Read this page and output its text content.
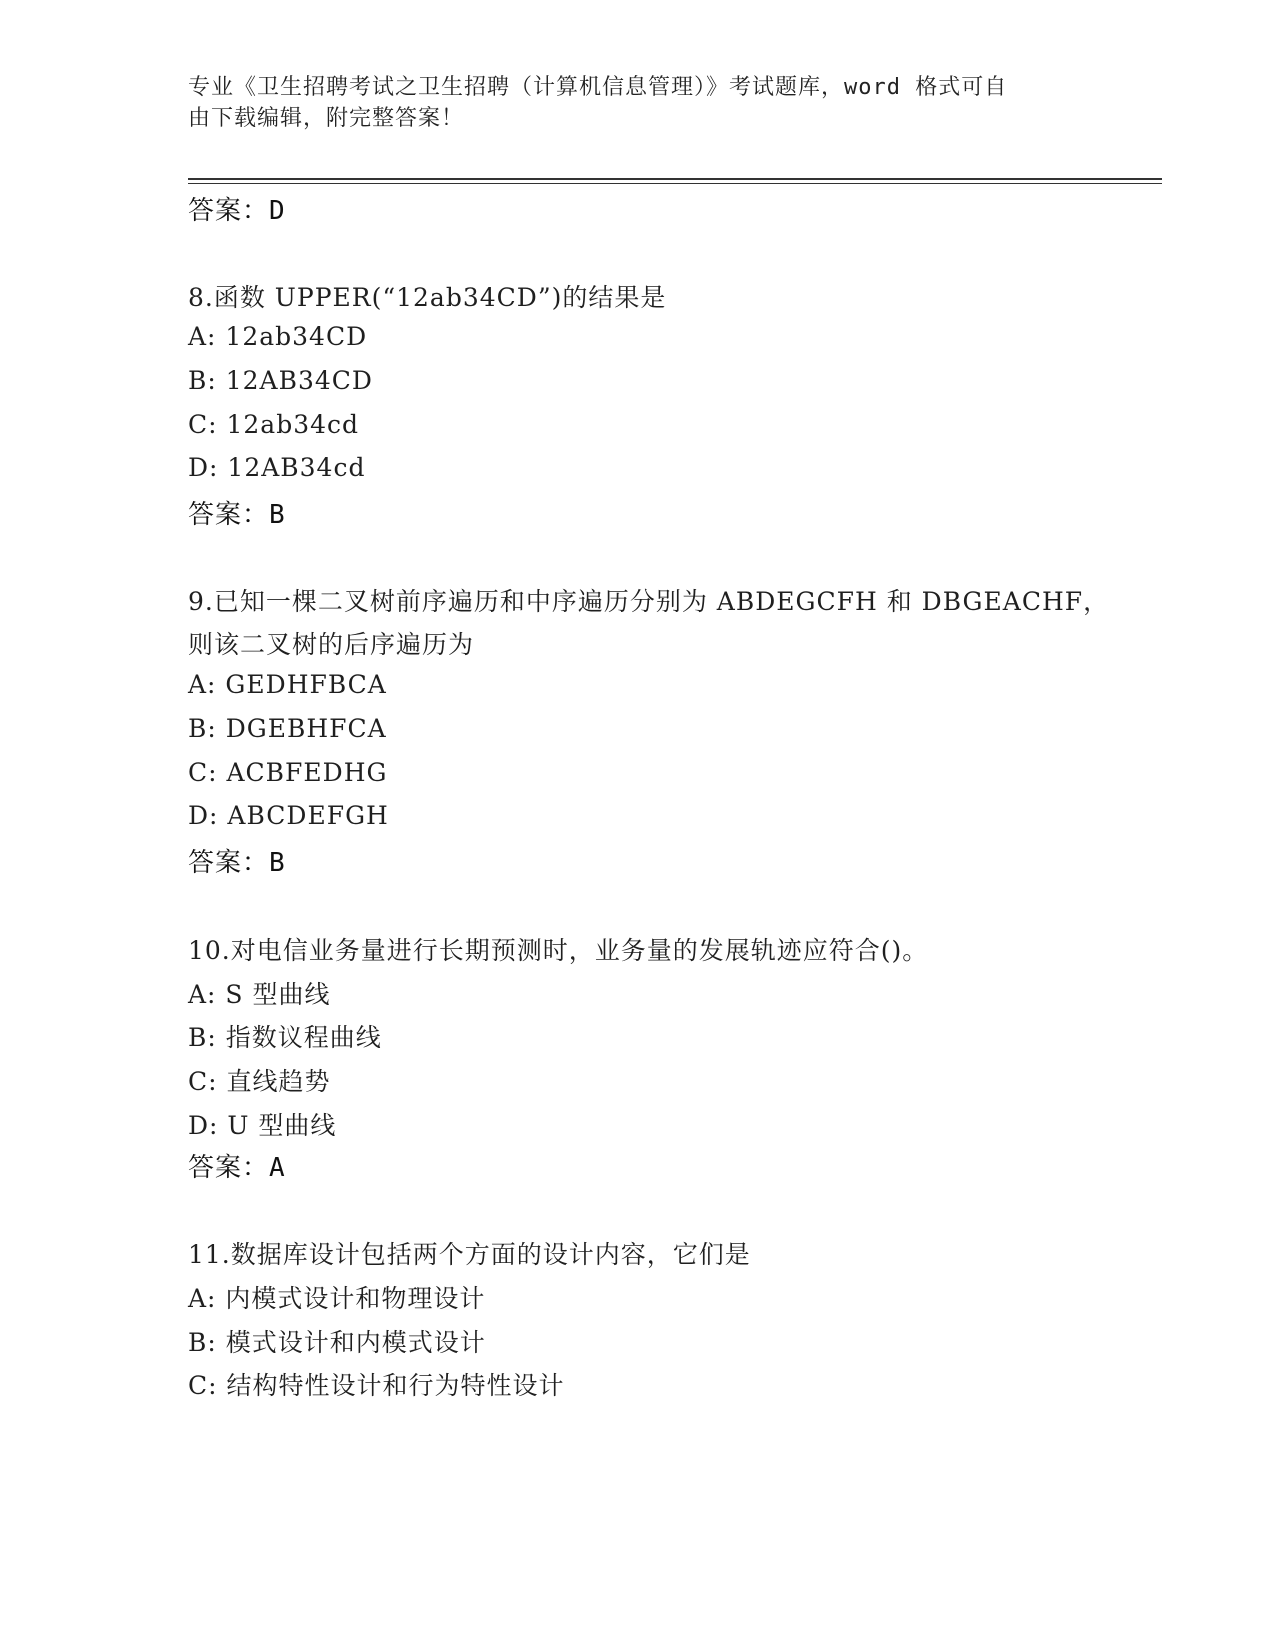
专业《卫生招聘考试之卫生招聘（计算机信息管理）》考试题库，word 格式可自
由下载编辑，附完整答案！
答案：D
8.函数 UPPER(“12ab34CD”)的结果是
A: 12ab34CD
B: 12AB34CD
C: 12ab34cd
D: 12AB34cd
答案：B
9.已知一棵二叉树前序遍历和中序遍历分别为 ABDEGCFH 和 DBGEACHF，
则该二叉树的后序遍历为
A: GEDHFBCA
B: DGEBHFCA
C: ACBFEDHG
D: ABCDEFGH
答案：B
10.对电信业务量进行长期预测时，业务量的发展轨迹应符合()。
A: S 型曲线
B: 指数议程曲线
C: 直线趋势
D: U 型曲线
答案：A
11.数据库设计包括两个方面的设计内容，它们是
A: 内模式设计和物理设计
B: 模式设计和内模式设计
C: 结构特性设计和行为特性设计
